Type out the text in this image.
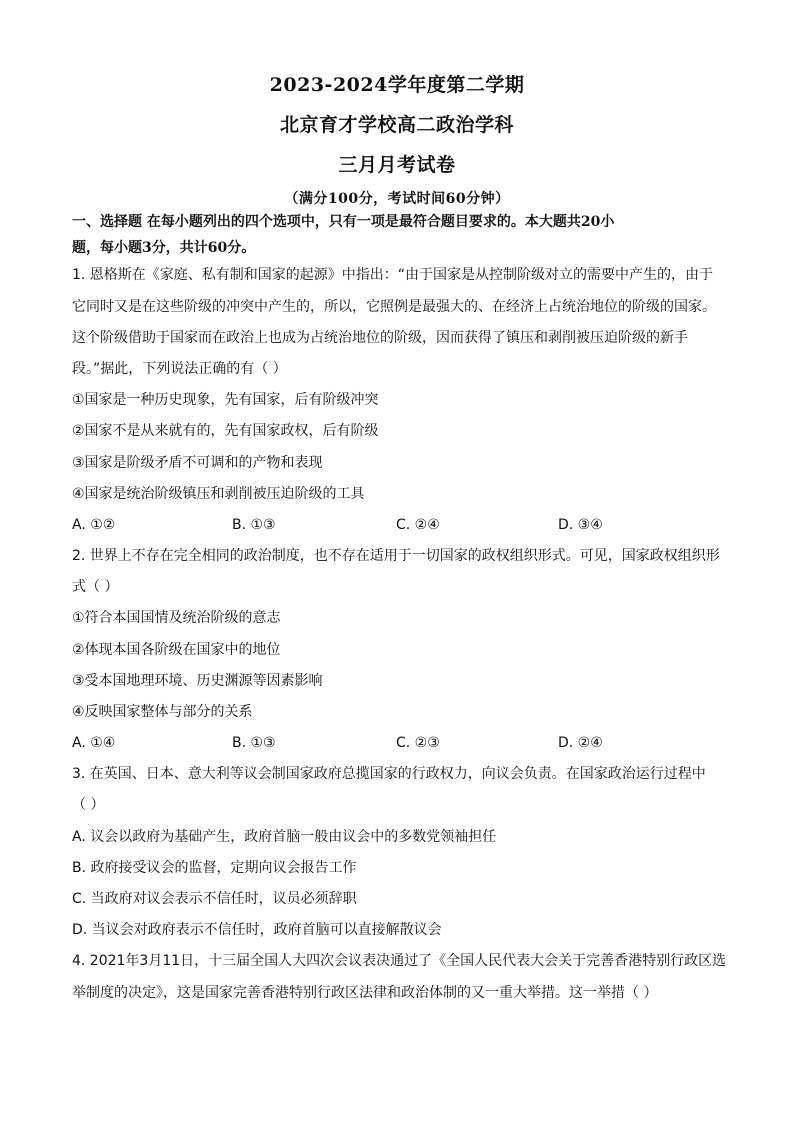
2023-2024学年度第二学期
北京育才学校高二政治学科
三月月考试卷
（满分100分，考试时间60分钟）
一、选择题 在每小题列出的四个选项中，只有一项是最符合题目要求的。本大题共20小
题，每小题3分，共计60分。
1. 恩格斯在《家庭、私有制和国家的起源》中指出：“由于国家是从控制阶级对立的需要中产生的，由于
它同时又是在这些阶级的冲突中产生的，所以，它照例是最强大的、在经济上占统治地位的阶级的国家。
这个阶级借助于国家而在政治上也成为占统治地位的阶级，因而获得了镇压和剥削被压迫阶级的新手
段。”据此，下列说法正确的有（ ）
①国家是一种历史现象，先有国家，后有阶级冲突
②国家不是从来就有的，先有国家政权，后有阶级
③国家是阶级矛盾不可调和的产物和表现
④国家是统治阶级镇压和剥削被压迫阶级的工具
A. ①②	B. ①③	C. ②④	D. ③④
2. 世界上不存在完全相同的政治制度，也不存在适用于一切国家的政权组织形式。可见，国家政权组织形
式（ ）
①符合本国国情及统治阶级的意志
②体现本国各阶级在国家中的地位
③受本国地理环境、历史渊源等因素影响
④反映国家整体与部分的关系
A. ①④	B. ①③	C. ②③	D. ②④
3. 在英国、日本、意大利等议会制国家政府总揽国家的行政权力，向议会负责。在国家政治运行过程中
（ ）
A. 议会以政府为基础产生，政府首脑一般由议会中的多数党领袖担任
B. 政府接受议会的监督，定期向议会报告工作
C. 当政府对议会表示不信任时，议员必须辞职
D. 当议会对政府表示不信任时，政府首脑可以直接解散议会
4. 2021年3月11日，十三届全国人大四次会议表决通过了《全国人民代表大会关于完善香港特别行政区选
举制度的决定》，这是国家完善香港特别行政区法律和政治体制的又一重大举措。这一举措（ ）
